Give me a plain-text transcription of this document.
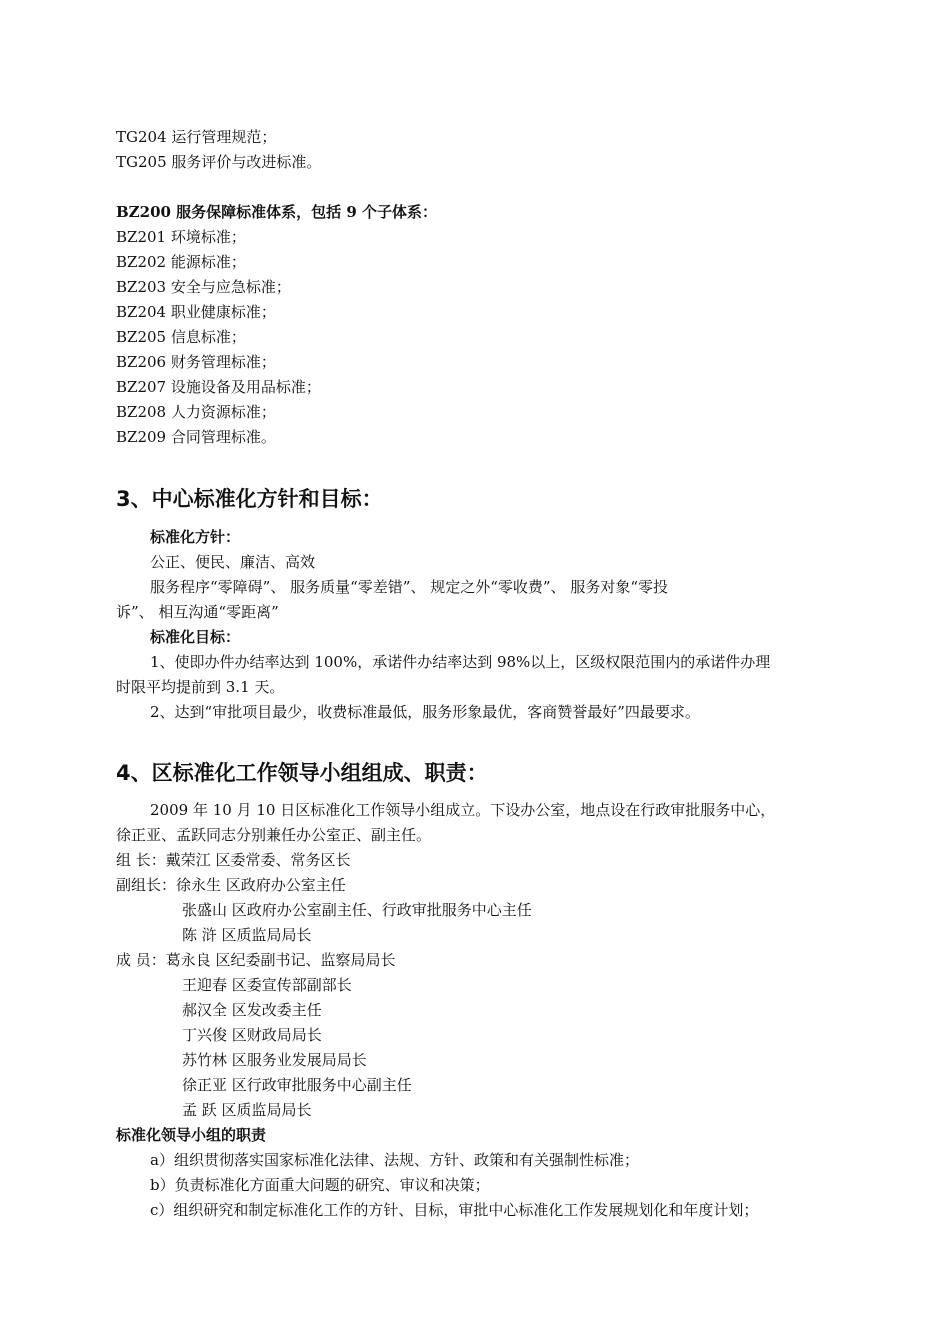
TG204 运行管理规范；
TG205 服务评价与改进标准。
BZ200 服务保障标准体系，包括 9 个子体系：
BZ201 环境标准；
BZ202 能源标准；
BZ203 安全与应急标准；
BZ204 职业健康标准；
BZ205 信息标准；
BZ206 财务管理标准；
BZ207 设施设备及用品标准；
BZ208 人力资源标准；
BZ209 合同管理标准。
3、中心标准化方针和目标：
标准化方针：
公正、便民、廉洁、高效
服务程序“零障碍”、 服务质量“零差错”、 规定之外“零收费”、 服务对象“零投
诉”、 相互沟通“零距离”
标准化目标：
1、使即办件办结率达到 100%，承诺件办结率达到 98%以上，区级权限范围内的承诺件办理
时限平均提前到 3.1 天。
2、达到“审批项目最少，收费标准最低，服务形象最优，客商赞誉最好”四最要求。
4、区标准化工作领导小组组成、职责：
2009 年 10 月 10 日区标准化工作领导小组成立。下设办公室，地点设在行政审批服务中心，
徐正亚、孟跃同志分别兼任办公室正、副主任。
组 长：戴荣江 区委常委、常务区长
副组长：徐永生 区政府办公室主任
张盛山 区政府办公室副主任、行政审批服务中心主任
陈 浒 区质监局局长
成 员：葛永良 区纪委副书记、监察局局长
王迎春 区委宣传部副部长
郝汉全 区发改委主任
丁兴俊 区财政局局长
苏竹林 区服务业发展局局长
徐正亚 区行政审批服务中心副主任
孟 跃 区质监局局长
标准化领导小组的职责
a）组织贯彻落实国家标准化法律、法规、方针、政策和有关强制性标准；
b）负责标准化方面重大问题的研究、审议和决策；
c）组织研究和制定标准化工作的方针、目标，审批中心标准化工作发展规划化和年度计划；
